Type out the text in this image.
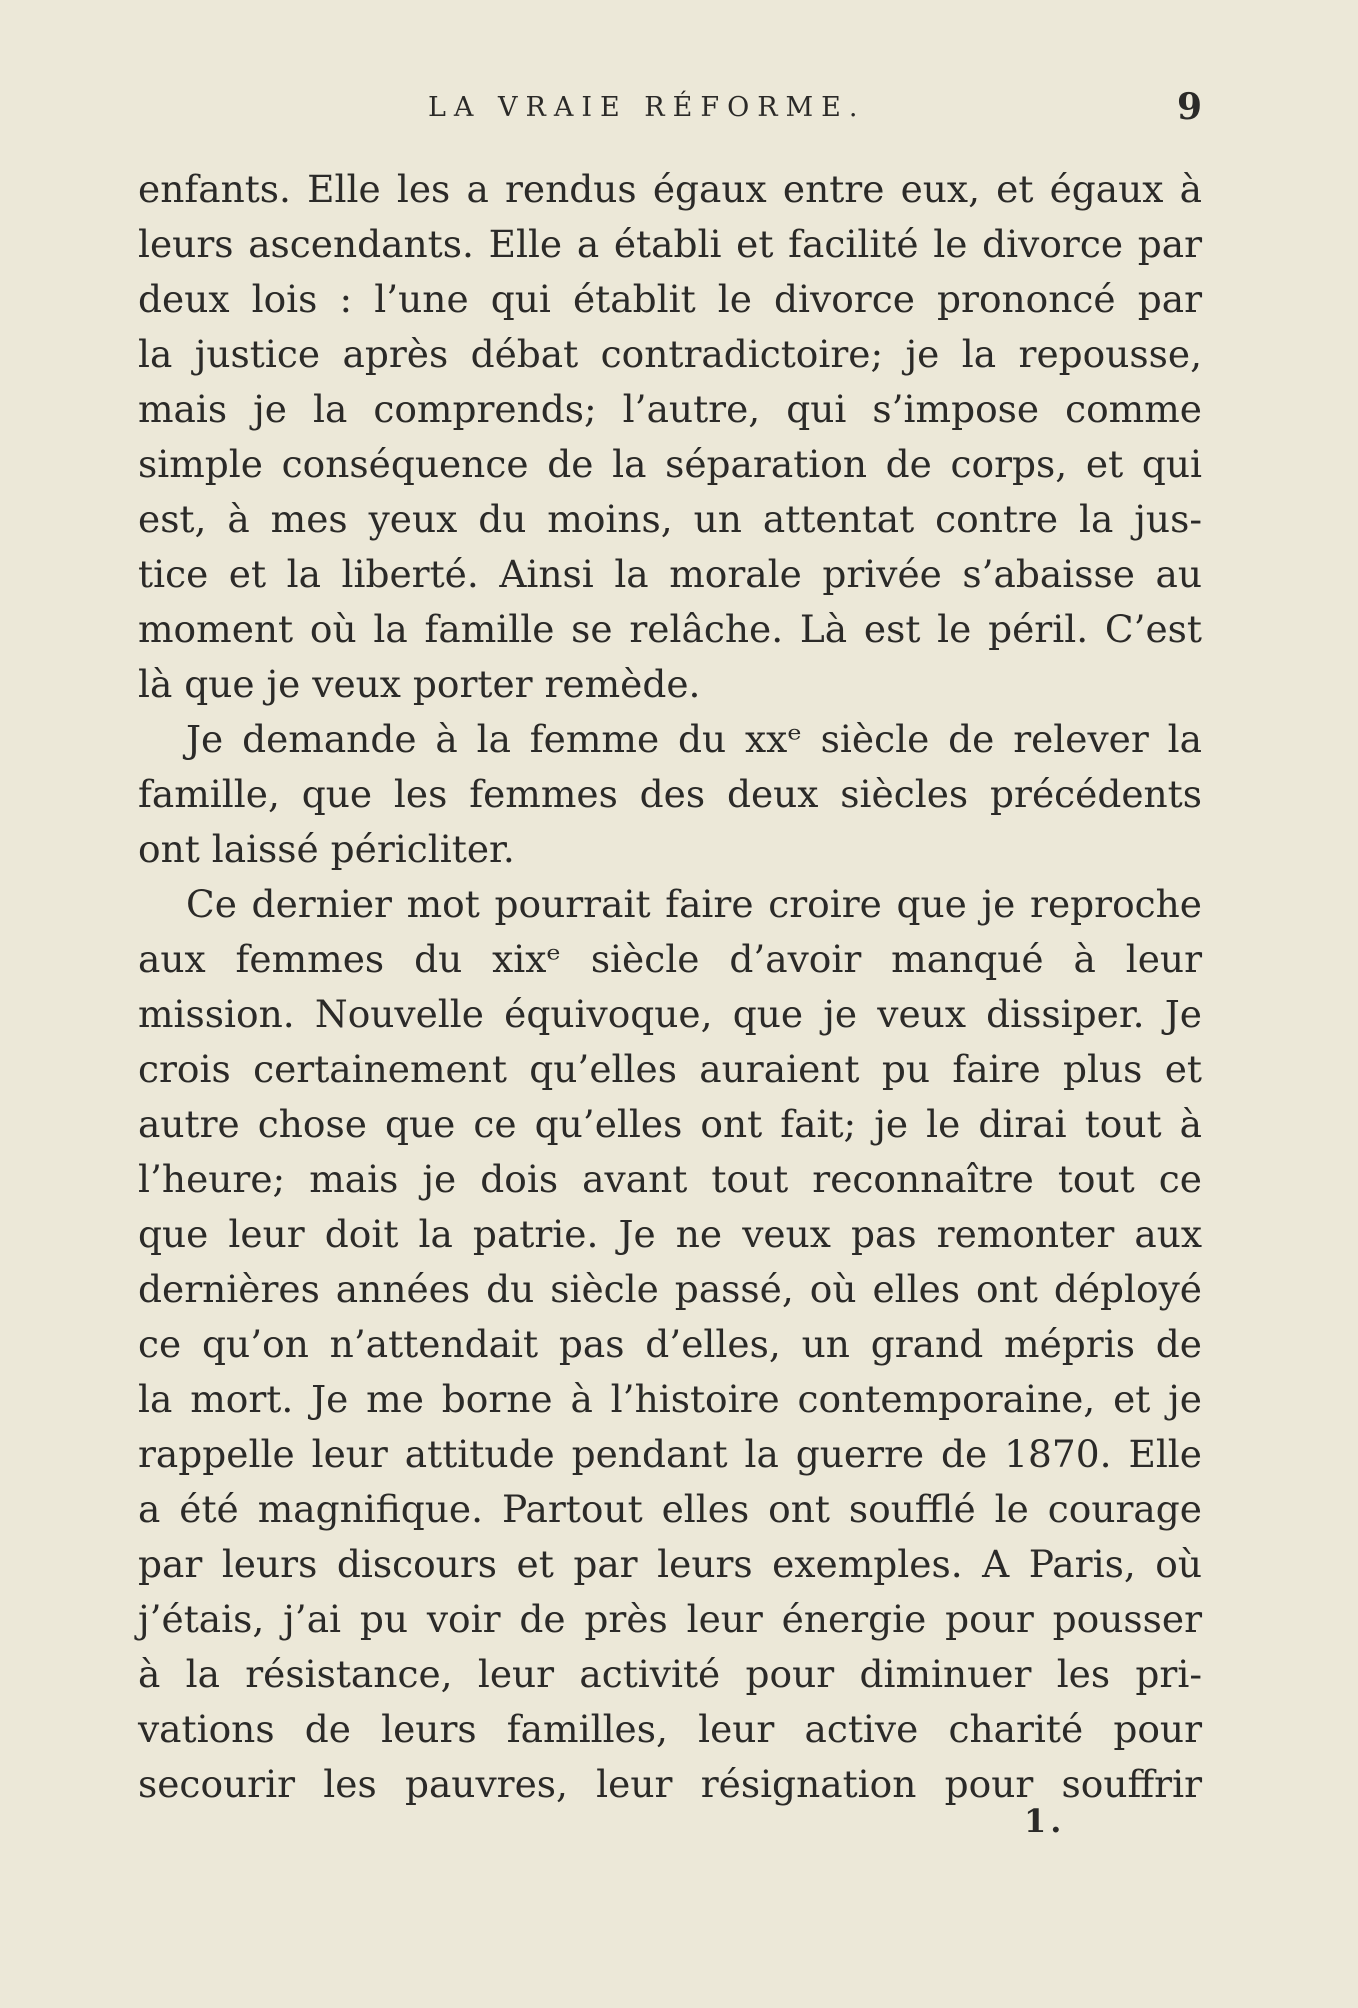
LA VRAIE RÉFORME.	9
enfants. Elle les a rendus égaux entre eux, et égaux à
leurs ascendants. Elle a établi et facilité le divorce par
deux lois : l’une qui établit le divorce prononcé par
la justice après débat contradictoire; je la repousse,
mais je la comprends; l’autre, qui s’impose comme
simple conséquence de la séparation de corps, et qui
est, à mes yeux du moins, un attentat contre la jus-
tice et la liberté. Ainsi la morale privée s’abaisse au
moment où la famille se relâche. Là est le péril. C’est
là que je veux porter remède.
Je demande à la femme du xxᵉ siècle de relever la
famille, que les femmes des deux siècles précédents
ont laissé péricliter.
Ce dernier mot pourrait faire croire que je reproche
aux femmes du xixᵉ siècle d’avoir manqué à leur
mission. Nouvelle équivoque, que je veux dissiper. Je
crois certainement qu’elles auraient pu faire plus et
autre chose que ce qu’elles ont fait; je le dirai tout à
l’heure; mais je dois avant tout reconnaître tout ce
que leur doit la patrie. Je ne veux pas remonter aux
dernières années du siècle passé, où elles ont déployé
ce qu’on n’attendait pas d’elles, un grand mépris de
la mort. Je me borne à l’histoire contemporaine, et je
rappelle leur attitude pendant la guerre de 1870. Elle
a été magnifique. Partout elles ont soufflé le courage
par leurs discours et par leurs exemples. A Paris, où
j’étais, j’ai pu voir de près leur énergie pour pousser
à la résistance, leur activité pour diminuer les pri-
vations de leurs familles, leur active charité pour
secourir les pauvres, leur résignation pour souffrir
1.
